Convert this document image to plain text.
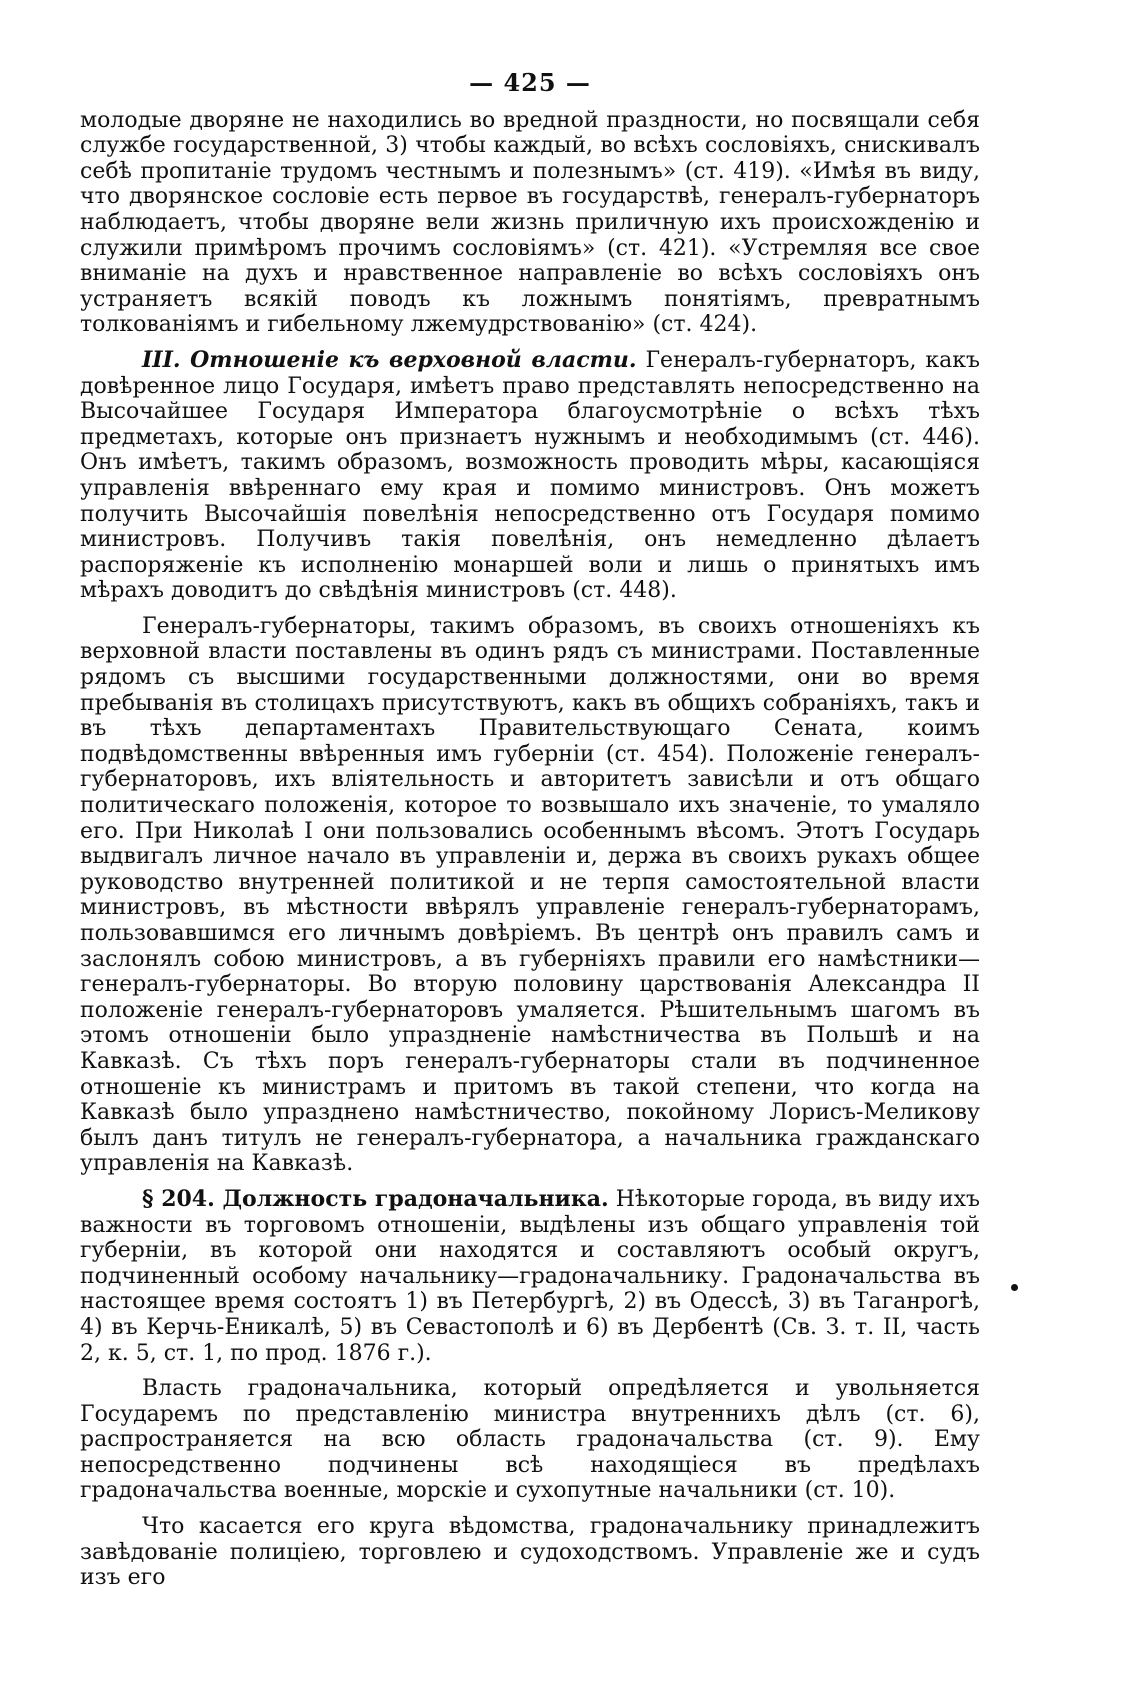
— 425 —

молодые дворяне не находились во вредной праздности, но посвящали себя службе государственной, 3) чтобы каждый, во всѣхъ сословіяхъ, снискивалъ себѣ пропитаніе трудомъ честнымъ и полезнымъ» (ст. 419). «Имѣя въ виду, что дворянское сословіе есть первое въ государствѣ, генералъ-губернаторъ наблюдаетъ, чтобы дворяне вели жизнь приличную ихъ происхожденію и служили примѣромъ прочимъ сословіямъ» (ст. 421). «Устремляя все свое вниманіе на духъ и нравственное направленіе во всѣхъ сословіяхъ онъ устраняетъ всякій поводъ къ ложнымъ понятіямъ, превратнымъ толкованіямъ и гибельному лжемудрствованію» (ст. 424).

III. Отношеніе къ верховной власти. Генералъ-губернаторъ, какъ довѣренное лицо Государя, имѣетъ право представлять непосредственно на Высочайшее Государя Императора благоусмотрѣніе о всѣхъ тѣхъ предметахъ, которые онъ признаетъ нужнымъ и необходимымъ (ст. 446). Онъ имѣетъ, такимъ образомъ, возможность проводить мѣры, касающіяся управленія ввѣреннаго ему края и помимо министровъ. Онъ можетъ получить Высочайшія повелѣнія непосредственно отъ Государя помимо министровъ. Получивъ такія повелѣнія, онъ немедленно дѣлаетъ распоряженіе къ исполненію монаршей воли и лишь о принятыхъ имъ мѣрахъ доводитъ до свѣдѣнія министровъ (ст. 448).

Генералъ-губернаторы, такимъ образомъ, въ своихъ отношеніяхъ къ верховной власти поставлены въ одинъ рядъ съ министрами. Поставленные рядомъ съ высшими государственными должностями, они во время пребыванія въ столицахъ присутствуютъ, какъ въ общихъ собраніяхъ, такъ и въ тѣхъ департаментахъ Правительствующаго Сената, коимъ подвѣдомственны ввѣренныя имъ губерніи (ст. 454). Положеніе генералъ-губернаторовъ, ихъ вліятельность и авторитетъ зависѣли и отъ общаго политическаго положенія, которое то возвышало ихъ значеніе, то умаляло его. При Николаѣ I они пользовались особеннымъ вѣсомъ. Этотъ Государь выдвигалъ личное начало въ управленіи и, держа въ своихъ рукахъ общее руководство внутренней политикой и не терпя самостоятельной власти министровъ, въ мѣстности ввѣрялъ управленіе генералъ-губернаторамъ, пользовавшимся его личнымъ довѣріемъ. Въ центрѣ онъ правилъ самъ и заслонялъ собою министровъ, а въ губерніяхъ правили его намѣстники—генералъ-губернаторы. Во вторую половину царствованія Александра II положеніе генералъ-губернаторовъ умаляется. Рѣшительнымъ шагомъ въ этомъ отношеніи было упраздненіе намѣстничества въ Польшѣ и на Кавказѣ. Съ тѣхъ поръ генералъ-губернаторы стали въ подчиненное отношеніе къ министрамъ и притомъ въ такой степени, что когда на Кавказѣ было упразднено намѣстничество, покойному Лорисъ-Меликову былъ данъ титулъ не генералъ-губернатора, а начальника гражданскаго управленія на Кавказѣ.

§ 204. Должность градоначальника. Нѣкоторые города, въ виду ихъ важности въ торговомъ отношеніи, выдѣлены изъ общаго управленія той губерніи, въ которой они находятся и составляютъ особый округъ, подчиненный особому начальнику—градоначальнику. Градоначальства въ настоящее время состоятъ 1) въ Петербургѣ, 2) въ Одессѣ, 3) въ Таганрогѣ, 4) въ Керчь-Еникалѣ, 5) въ Севастополѣ и 6) въ Дербентѣ (Св. З. т. II, часть 2, к. 5, ст. 1, по прод. 1876 г.).

Власть градоначальника, который опредѣляется и увольняется Государемъ по представленію министра внутреннихъ дѣлъ (ст. 6), распространяется на всю область градоначальства (ст. 9). Ему непосредственно подчинены всѣ находящіеся въ предѣлахъ градоначальства военные, морскіе и сухопутные начальники (ст. 10).

Что касается его круга вѣдомства, градоначальнику принадлежитъ завѣдованіе полиціею, торговлею и судоходствомъ. Управленіе же и судъ изъ его
